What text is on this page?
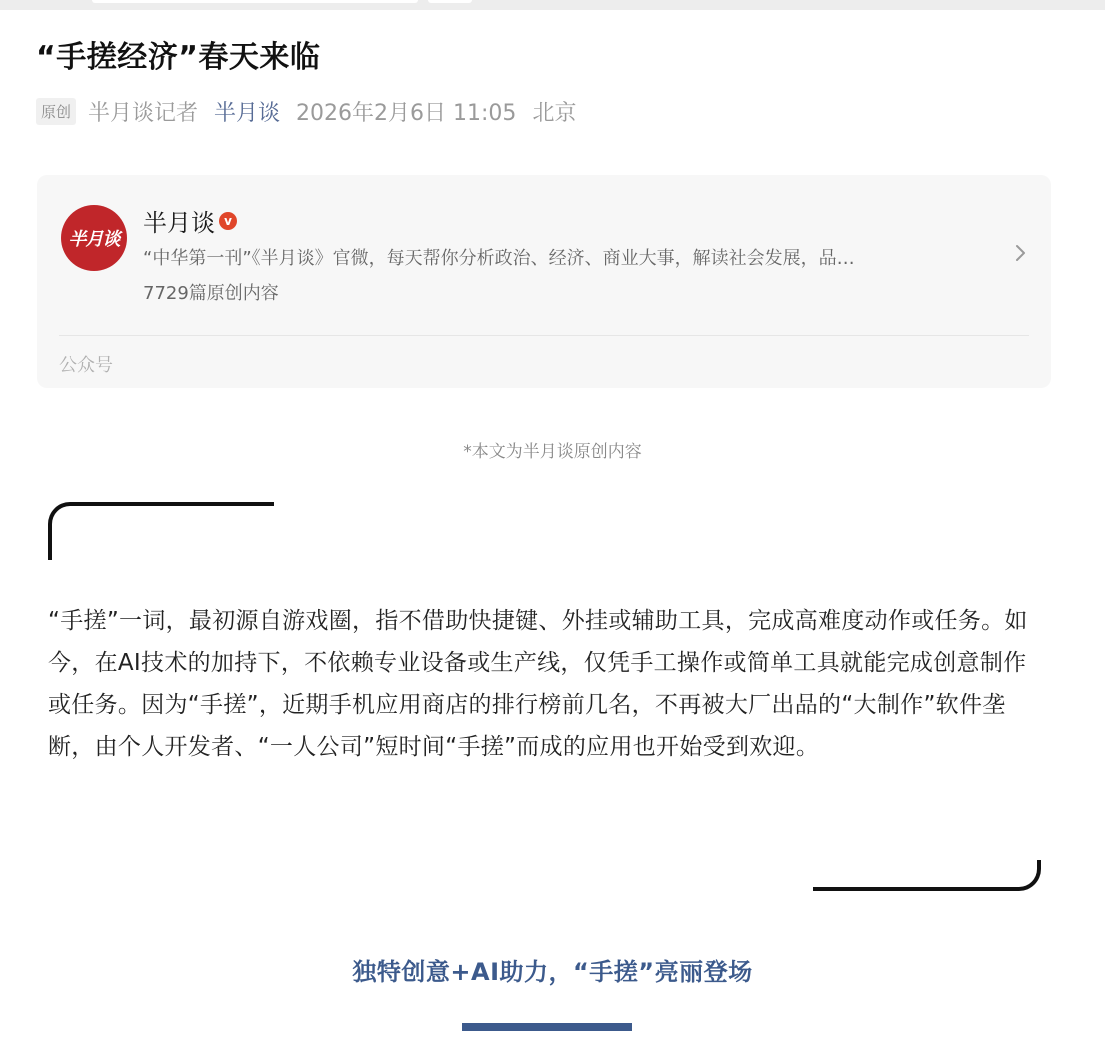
“手搓经济”春天来临
原创 半月谈记者 半月谈 2026年2月6日 11:05 北京
半月谈
半月谈 v
“中华第一刊”《半月谈》官微，每天帮你分析政治、经济、商业大事，解读社会发展，品…
7729篇原创内容
公众号
*本文为半月谈原创内容

“手搓”一词，最初源自游戏圈，指不借助快捷键、外挂或辅助工具，完成高难度动作或任务。如今，在AI技术的加持下，不依赖专业设备或生产线，仅凭手工操作或简单工具就能完成创意制作或任务。因为“手搓”，近期手机应用商店的排行榜前几名，不再被大厂出品的“大制作”软件垄断，由个人开发者、“一人公司”短时间“手搓”而成的应用也开始受到欢迎。

独特创意+AI助力，“手搓”亮丽登场
